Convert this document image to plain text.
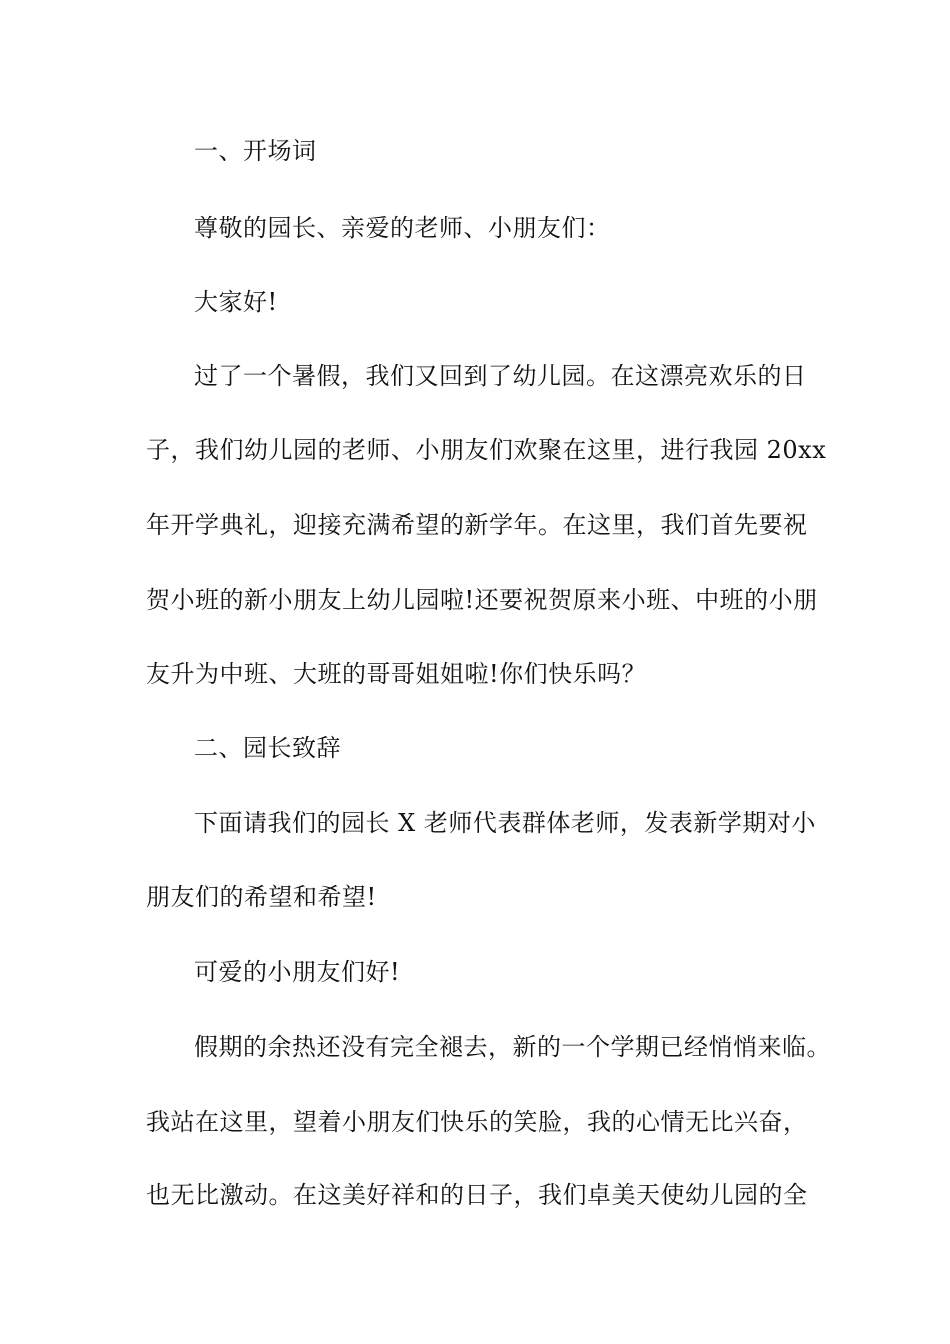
一、开场词
尊敬的园长、亲爱的老师、小朋友们：
大家好!
过了一个暑假，我们又回到了幼儿园。在这漂亮欢乐的日
子，我们幼儿园的老师、小朋友们欢聚在这里，进行我园 20xx
年开学典礼，迎接充满希望的新学年。在这里，我们首先要祝
贺小班的新小朋友上幼儿园啦!还要祝贺原来小班、中班的小朋
友升为中班、大班的哥哥姐姐啦!你们快乐吗？
二、园长致辞
下面请我们的园长 X 老师代表群体老师，发表新学期对小
朋友们的希望和希望!
可爱的小朋友们好!
假期的余热还没有完全褪去，新的一个学期已经悄悄来临。
我站在这里，望着小朋友们快乐的笑脸，我的心情无比兴奋，
也无比激动。在这美好祥和的日子，我们卓美天使幼儿园的全
